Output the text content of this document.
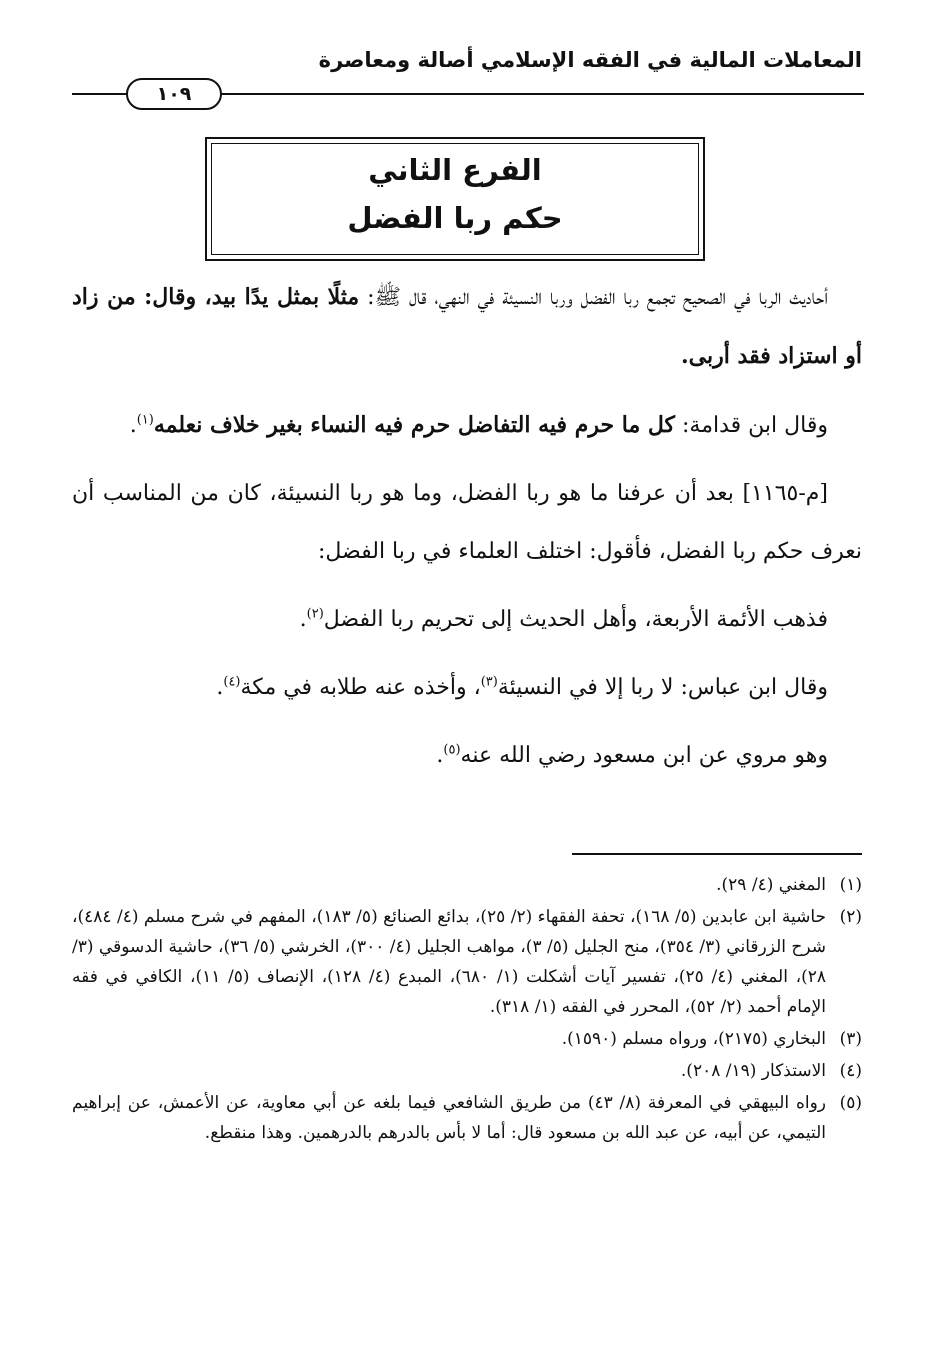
المعاملات المالية في الفقه الإسلامي أصالة ومعاصرة
١٠٩
الفرع الثاني
حكم ربا الفضل

أحاديث الربا في الصحيح تجمع ربا الفضل وربا النسيئة في النهي، قال ﷺ: مثلًا بمثل يدًا بيد، وقال: من زاد أو استزاد فقد أربى.

وقال ابن قدامة: كل ما حرم فيه التفاضل حرم فيه النساء بغير خلاف نعلمه$^{(١)}$.

[م-١١٦٥] بعد أن عرفنا ما هو ربا الفضل، وما هو ربا النسيئة، كان من المناسب أن نعرف حكم ربا الفضل، فأقول: اختلف العلماء في ربا الفضل:

فذهب الأئمة الأربعة، وأهل الحديث إلى تحريم ربا الفضل$^{(٢)}$.

وقال ابن عباس: لا ربا إلا في النسيئة$^{(٣)}$، وأخذه عنه طلابه في مكة$^{(٤)}$.

وهو مروي عن ابن مسعود رضي الله عنه$^{(٥)}$.

(١)
المغني (٤/ ٢٩).
(٢)
حاشية ابن عابدين (٥/ ١٦٨)، تحفة الفقهاء (٢/ ٢٥)، بدائع الصنائع (٥/ ١٨٣)، المفهم في شرح مسلم (٤/ ٤٨٤)، شرح الزرقاني (٣/ ٣٥٤)، منح الجليل (٥/ ٣)، مواهب الجليل (٤/ ٣٠٠)، الخرشي (٥/ ٣٦)، حاشية الدسوقي (٣/ ٢٨)، المغني (٤/ ٢٥)، تفسير آيات أشكلت (١/ ٦٨٠)، المبدع (٤/ ١٢٨)، الإنصاف (٥/ ١١)، الكافي في فقه الإمام أحمد (٢/ ٥٢)، المحرر في الفقه (١/ ٣١٨).
(٣)
البخاري (٢١٧٥)، ورواه مسلم (١٥٩٠).
(٤)
الاستذكار (١٩/ ٢٠٨).
(٥)
رواه البيهقي في المعرفة (٨/ ٤٣) من طريق الشافعي فيما بلغه عن أبي معاوية، عن الأعمش، عن إبراهيم التيمي، عن أبيه، عن عبد الله بن مسعود قال: أما لا بأس بالدرهم بالدرهمين. وهذا منقطع.
